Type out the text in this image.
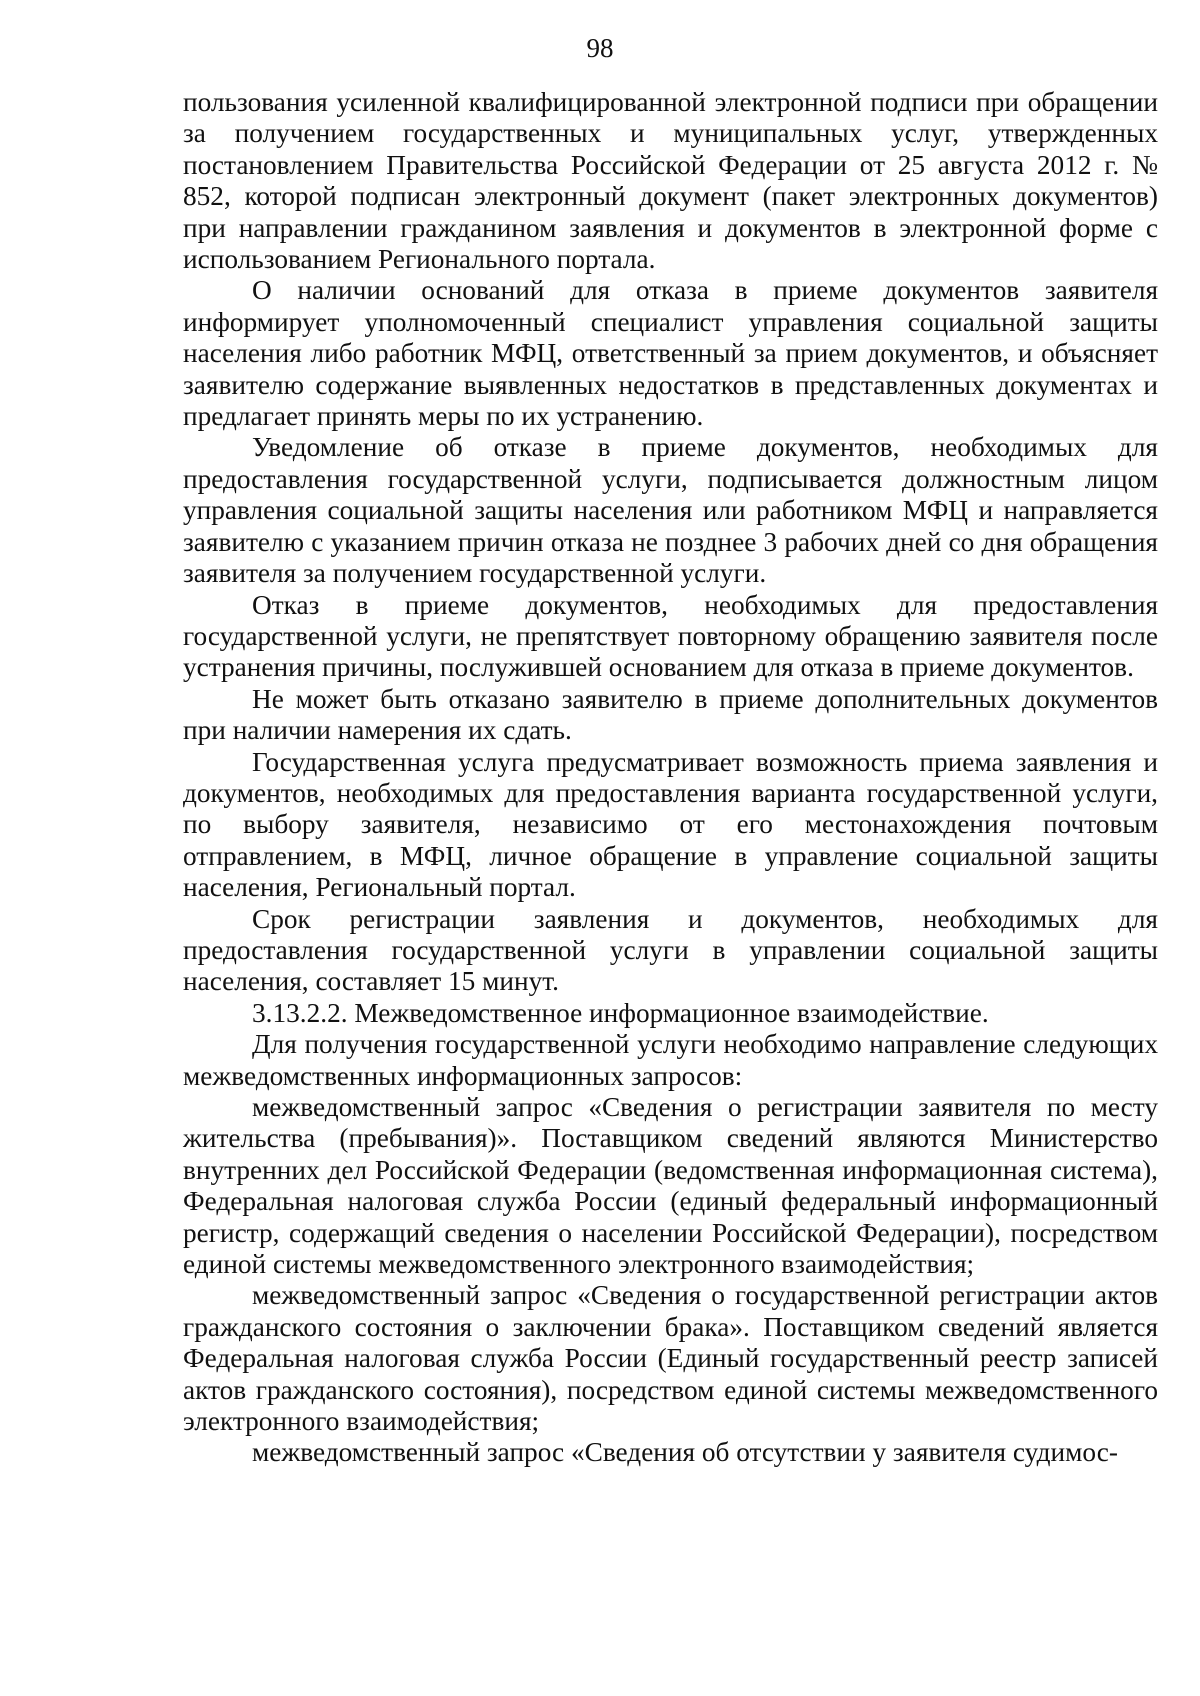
98

пользования усиленной квалифицированной электронной подписи при обращении за получением государственных и муниципальных услуг, утвержденных постановлением Правительства Российской Федерации от 25 августа 2012 г. № 852, которой подписан электронный документ (пакет электронных документов) при направлении гражданином заявления и документов в электронной форме с использованием Регионального портала.

О наличии оснований для отказа в приеме документов заявителя информирует уполномоченный специалист управления социальной защиты населения либо работник МФЦ, ответственный за прием документов, и объясняет заявителю содержание выявленных недостатков в представленных документах и предлагает принять меры по их устранению.

Уведомление об отказе в приеме документов, необходимых для предоставления государственной услуги, подписывается должностным лицом управления социальной защиты населения или работником МФЦ и направляется заявителю с указанием причин отказа не позднее 3 рабочих дней со дня обращения заявителя за получением государственной услуги.

Отказ в приеме документов, необходимых для предоставления государственной услуги, не препятствует повторному обращению заявителя после устранения причины, послужившей основанием для отказа в приеме документов.

Не может быть отказано заявителю в приеме дополнительных документов при наличии намерения их сдать.

Государственная услуга предусматривает возможность приема заявления и документов, необходимых для предоставления варианта государственной услуги, по выбору заявителя, независимо от его местонахождения почтовым отправлением, в МФЦ, личное обращение в управление социальной защиты населения, Региональный портал.

Срок регистрации заявления и документов, необходимых для предоставления государственной услуги в управлении социальной защиты населения, составляет 15 минут.

3.13.2.2. Межведомственное информационное взаимодействие.

Для получения государственной услуги необходимо направление следующих межведомственных информационных запросов:

межведомственный запрос «Сведения о регистрации заявителя по месту жительства (пребывания)». Поставщиком сведений являются Министерство внутренних дел Российской Федерации (ведомственная информационная система), Федеральная налоговая служба России (единый федеральный информационный регистр, содержащий сведения о населении Российской Федерации), посредством единой системы межведомственного электронного взаимодействия;

межведомственный запрос «Сведения о государственной регистрации актов гражданского состояния о заключении брака». Поставщиком сведений является Федеральная налоговая служба России (Единый государственный реестр записей актов гражданского состояния), посредством единой системы межведомственного электронного взаимодействия;

межведомственный запрос «Сведения об отсутствии у заявителя судимос-
